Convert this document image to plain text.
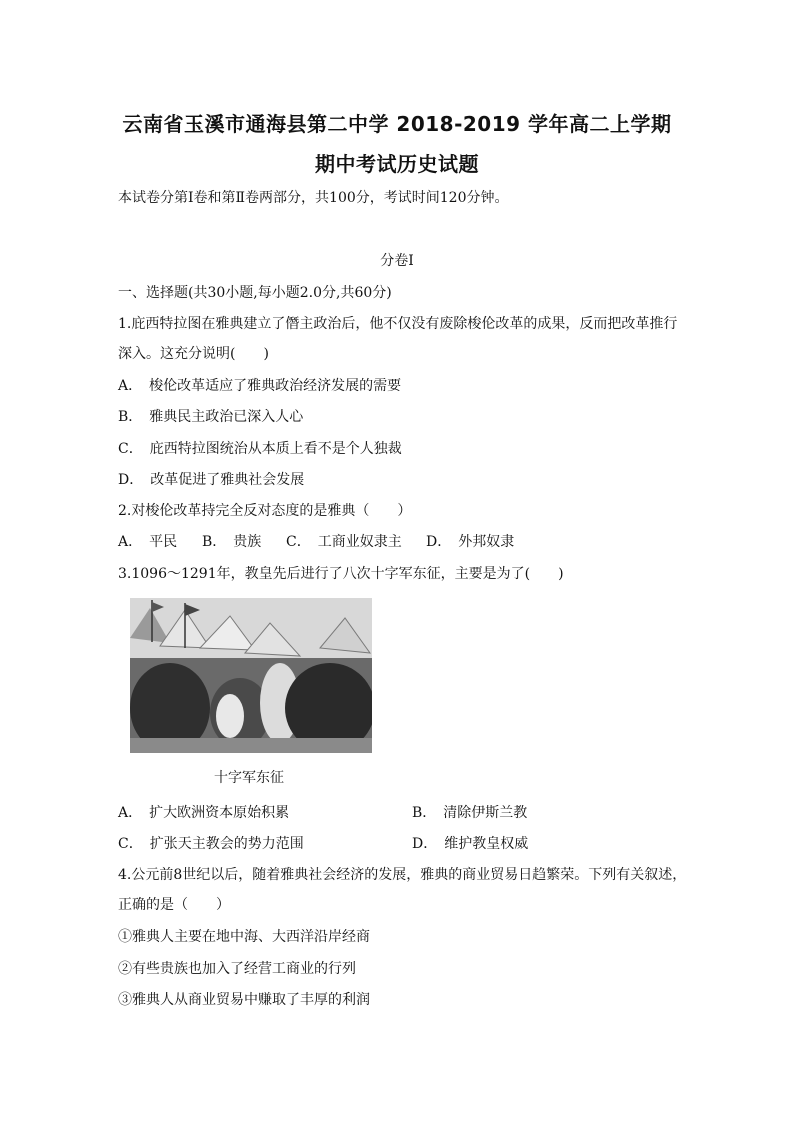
云南省玉溪市通海县第二中学 2018-2019 学年高二上学期
期中考试历史试题
本试卷分第Ⅰ卷和第Ⅱ卷两部分，共100分，考试时间120分钟。
分卷I
一、选择题(共30小题,每小题2.0分,共60分)
1.庇西特拉图在雅典建立了僭主政治后，他不仅没有废除梭伦改革的成果，反而把改革推行
深入。这充分说明(　　)
A．　梭伦改革适应了雅典政治经济发展的需要
B．　雅典民主政治已深入人心
C．　庇西特拉图统治从本质上看不是个人独裁
D．　改革促进了雅典社会发展
2.对梭伦改革持完全反对态度的是雅典（　　）
A．　平民 B．　贵族 C．　工商业奴隶主 D．　外邦奴隶
3.1096～1291年，教皇先后进行了八次十字军东征，主要是为了(　　)
十字军东征
A．　扩大欧洲资本原始积累	B．　清除伊斯兰教
C．　扩张天主教会的势力范围	D．　维护教皇权威
4.公元前8世纪以后，随着雅典社会经济的发展，雅典的商业贸易日趋繁荣。下列有关叙述，
正确的是（　　）
①雅典人主要在地中海、大西洋沿岸经商
②有些贵族也加入了经营工商业的行列
③雅典人从商业贸易中赚取了丰厚的利润
